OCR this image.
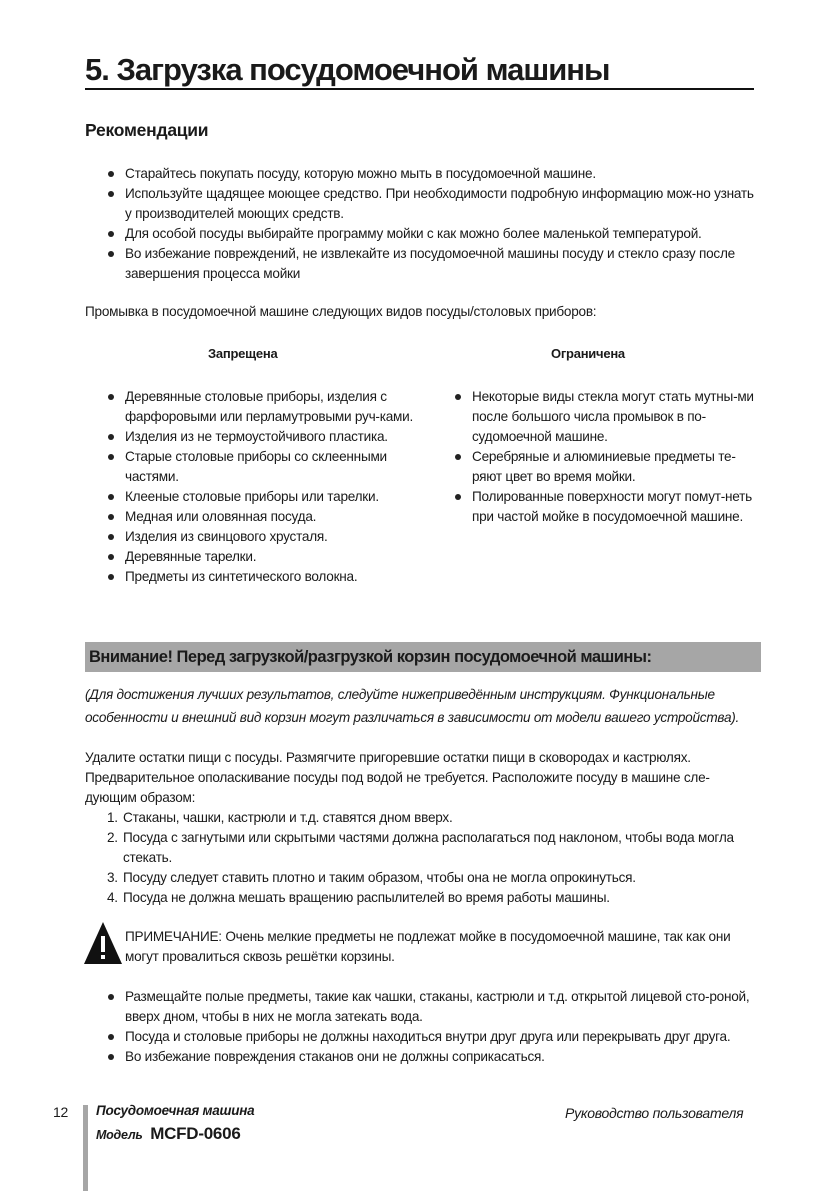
5. Загрузка посудомоечной машины
Рекомендации
Старайтесь покупать посуду, которую можно мыть в посудомоечной машине.
Используйте щадящее моющее средство. При необходимости подробную информацию мож-но узнать у производителей моющих средств.
Для особой посуды выбирайте программу мойки с как можно более маленькой температурой.
Во избежание повреждений, не извлекайте из посудомоечной машины посуду и стекло сразу после завершения процесса мойки
Промывка в посудомоечной машине следующих видов посуды/столовых приборов:
Запрещена	Ограничена
Деревянные столовые приборы, изделия с фарфоровыми или перламутровыми руч-ками.
Изделия из не термоустойчивого пластика.
Старые столовые приборы со склеенными частями.
Клееные столовые приборы или тарелки.
Медная или оловянная посуда.
Изделия из свинцового хрусталя.
Деревянные тарелки.
Предметы из синтетического волокна.
Некоторые виды стекла могут стать мутны-ми после большого числа промывок в по-судомоечной машине.
Серебряные и алюминиевые предметы те-ряют цвет во время мойки.
Полированные поверхности могут помут-неть при частой мойке в посудомоечной машине.
Внимание! Перед загрузкой/разгрузкой корзин посудомоечной машины:
(Для достижения лучших результатов, следуйте нижеприведённым инструкциям. Функциональные особенности и внешний вид корзин могут различаться в зависимости от модели вашего устройства).
Удалите остатки пищи с посуды. Размягчите пригоревшие остатки пищи в сковородах и кастрюлях. Предварительное ополаскивание посуды под водой не требуется. Расположите посуду в машине сле-дующим образом:
1. Стаканы, чашки, кастрюли и т.д. ставятся дном вверх.
2. Посуда с загнутыми или скрытыми частями должна располагаться под наклоном, чтобы вода могла стекать.
3. Посуду следует ставить плотно и таким образом, чтобы она не могла опрокинуться.
4. Посуда не должна мешать вращению распылителей во время работы машины.
ПРИМЕЧАНИЕ: Очень мелкие предметы не подлежат мойке в посудомоечной машине, так как они могут провалиться сквозь решётки корзины.
Размещайте полые предметы, такие как чашки, стаканы, кастрюли и т.д. открытой лицевой сто-роной, вверх дном, чтобы в них не могла затекать вода.
Посуда и столовые приборы не должны находиться внутри друг друга или перекрывать друг друга.
Во избежание повреждения стаканов они не должны соприкасаться.
12 Посудомоечная машина
Модель MCFD-0606
Руководство пользователя
